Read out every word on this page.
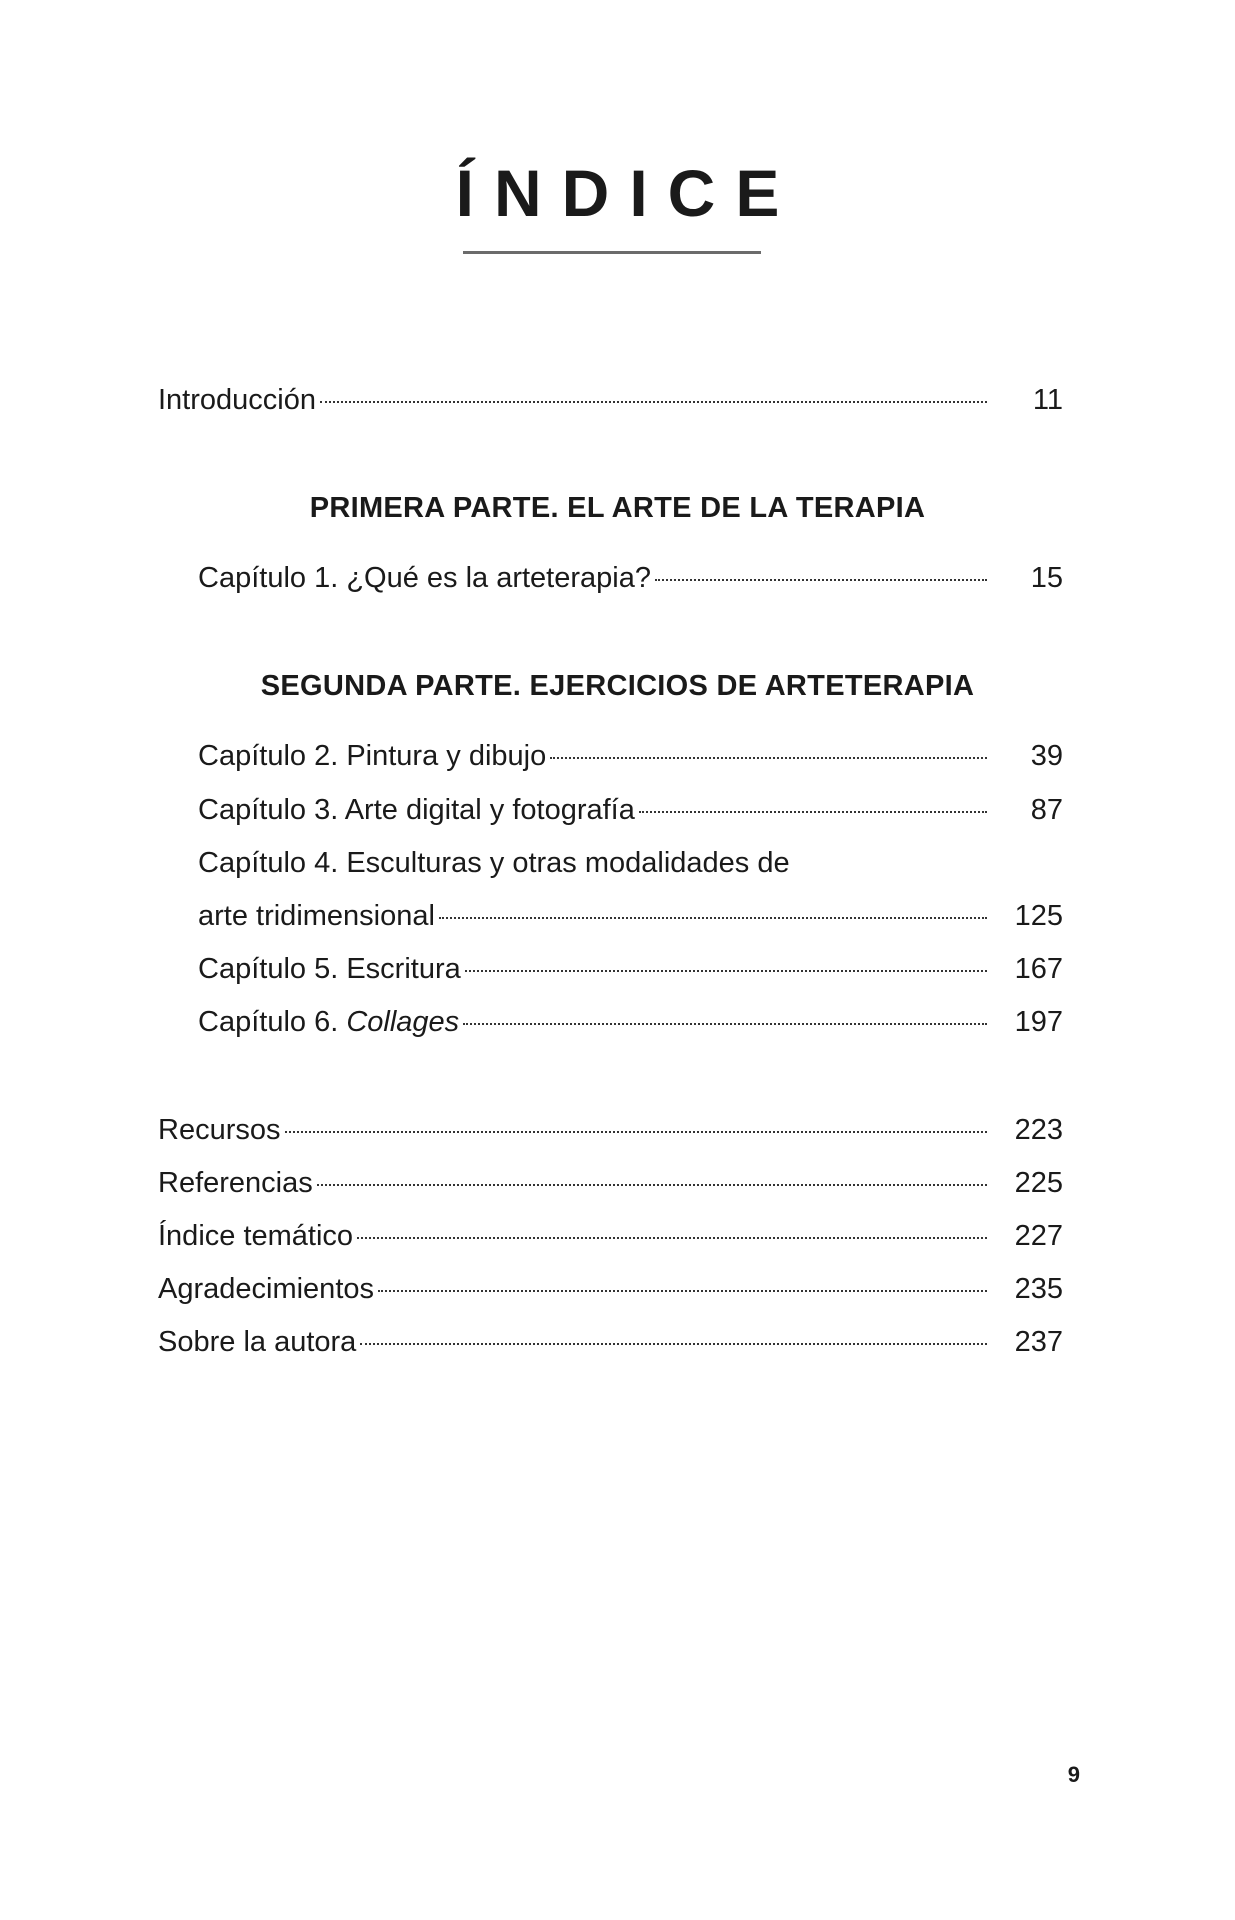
ÍNDICE
Introducción	11
PRIMERA PARTE. EL ARTE DE LA TERAPIA
Capítulo 1. ¿Qué es la arteterapia?	15
SEGUNDA PARTE. EJERCICIOS DE ARTETERAPIA
Capítulo 2. Pintura y dibujo	39
Capítulo 3. Arte digital y fotografía	87
Capítulo 4. Esculturas y otras modalidades de
arte tridimensional	125
Capítulo 5. Escritura	167
Capítulo 6. Collages	197
Recursos	223
Referencias	225
Índice temático	227
Agradecimientos	235
Sobre la autora	237
9
